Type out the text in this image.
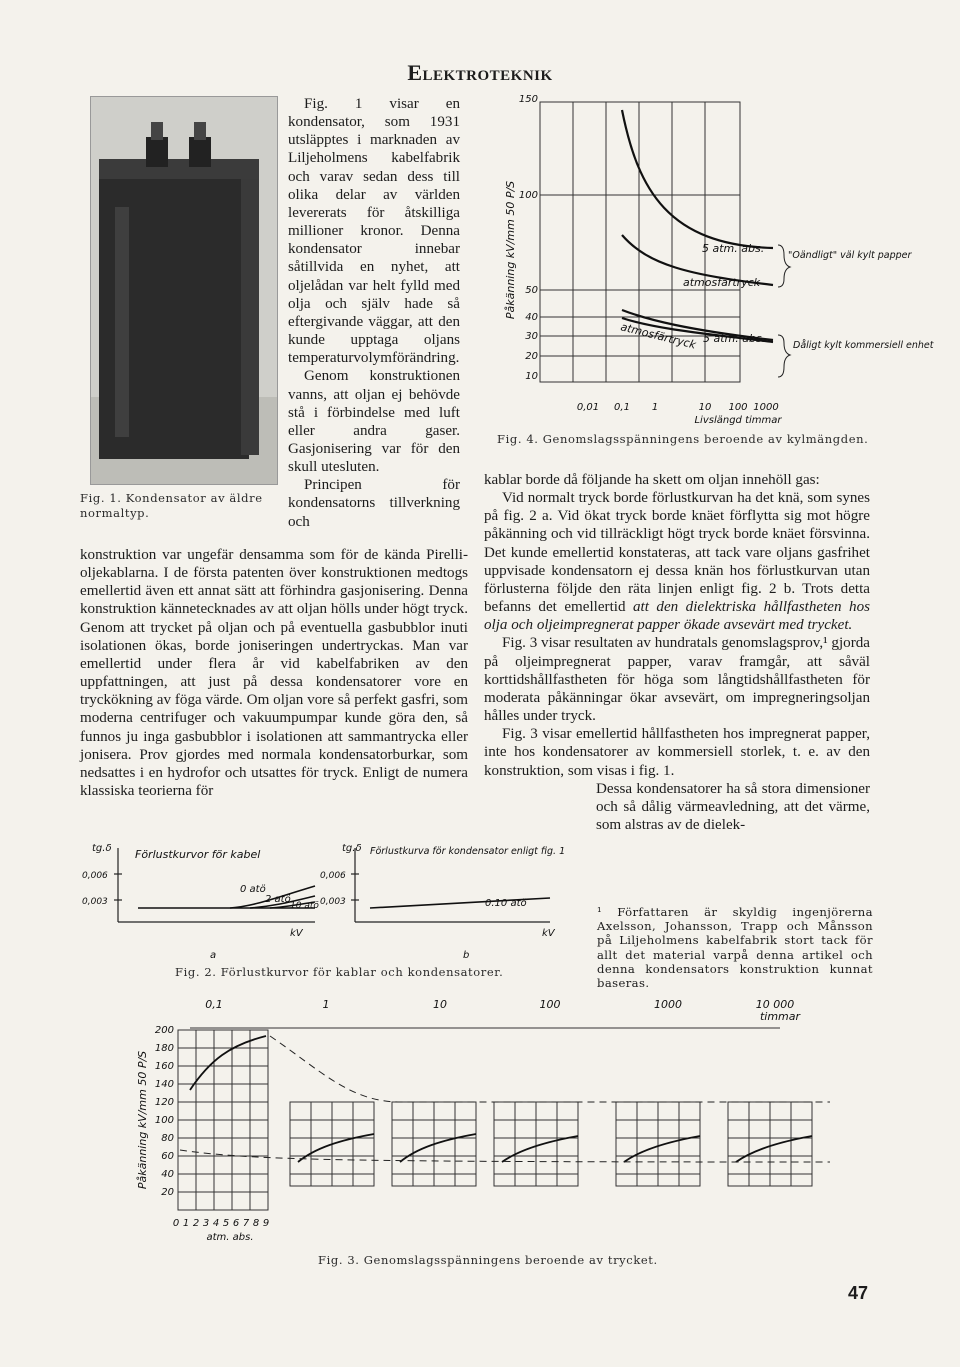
Elektroteknik
Fig. 1. Kondensator av äldre normaltyp.

Fig. 1 visar en kondensator, som 1931 utsläpptes i marknaden av Liljeholmens kabelfabrik och varav sedan dess till olika delar av världen levererats för åtskilliga millioner kronor. Denna kondensator innebar såtillvida en nyhet, att oljelådan var helt fylld med olja och själv hade så eftergivande väggar, att den kunde upptaga oljans temperaturvolymförändring.

Genom konstruktionen vanns, att oljan ej behövde stå i förbindelse med luft eller andra gaser. Gasjonisering var för den skull utesluten.

Principen för kondensatorns tillverkning och

konstruktion var ungefär densamma som för de kända Pirelli-oljekablarna. I de första patenten över konstruktionen medtogs emellertid även ett annat sätt att förhindra gasjonisering. Denna konstruktion kännetecknades av att oljan hölls under högt tryck. Genom att trycket på oljan och på eventuella gasbubblor inuti isolationen ökas, borde joniseringen undertryckas. Man var emellertid under flera år vid kabelfabriken av den uppfattningen, att just på dessa kondensatorer vore en tryckökning av föga värde. Om oljan vore så perfekt gasfri, som moderna centrifuger och vakuumpumpar kunde göra den, så funnos ju inga gasbubblor i isolationen att sammantrycka eller jonisera. Prov gjordes med normala kondensatorburkar, som nedsattes i en hydrofor och utsattes för tryck. Enligt de numera klassiska teorierna för

kablar borde då följande ha skett om oljan innehöll gas:

Vid normalt tryck borde förlustkurvan ha det knä, som synes på fig. 2 a. Vid ökat tryck borde knäet förflytta sig mot högre påkänning och vid tillräckligt högt tryck borde knäet försvinna. Det kunde emellertid konstateras, att tack vare oljans gasfrihet uppvisade kondensatorn ej dessa knän hos förlustkurvan utan förlusterna följde den räta linjen enligt fig. 2 b. Trots detta befanns det emellertid att den dielektriska hållfastheten hos olja och oljeimpregnerat papper ökade avsevärt med trycket.

Fig. 3 visar resultaten av hundratals genomslagsprov,¹ gjorda på oljeimpregnerat papper, varav framgår, att såväl korttidshållfastheten för höga som långtidshållfastheten för moderata påkänningar ökar avsevärt, om impregneringsoljan hålles under tryck.

Fig. 3 visar emellertid hållfastheten hos impregnerat papper, inte hos kondensatorer av kommersiell storlek, t. e. av den konstruktion, som visas i fig. 1.

Dessa kondensatorer ha så stora dimensioner och så dålig värmeavledning, att det värme, som alstras av de dielek-

¹ Författaren är skyldig ingenjörerna Axelsson, Johansson, Trapp och Månsson på Liljeholmens kabelfabrik stort tack för allt det material varpå denna artikel och denna kondensators konstruktion kunnat baseras.
5 atm. abs.
atmosfärtryck
atmosfärtryck 5 atm. abs.
"Oändligt" väl kylt papper
Dåligt kylt kommersiell enhet
150
100
50
40
30
20
10
0,01 0,1 1	10 100 1000
Livslängd timmar
Påkänning kV/mm 50 P/S
Fig. 4. Genomslagsspänningens beroende av kylmängden.
tg.δ
0,006
0,003
Förlustkurvor för kabel
0 atö
2 atö
10 atö
kV
a
tg.δ
0,006
0,003
Förlustkurva för kondensator enligt fig. 1
0.10 atö
kV
b
Fig. 2. Förlustkurvor för kablar och kondensatorer.
200
180
160
140
120
100
80
60
40
20
0 1 2 3 4 5 6 7 8 9
atm. abs.
0,1	1	10	100	1000	10 000
timmar
Påkänning kV/mm 50 P/S
Fig. 3. Genomslagsspänningens beroende av trycket.
47
